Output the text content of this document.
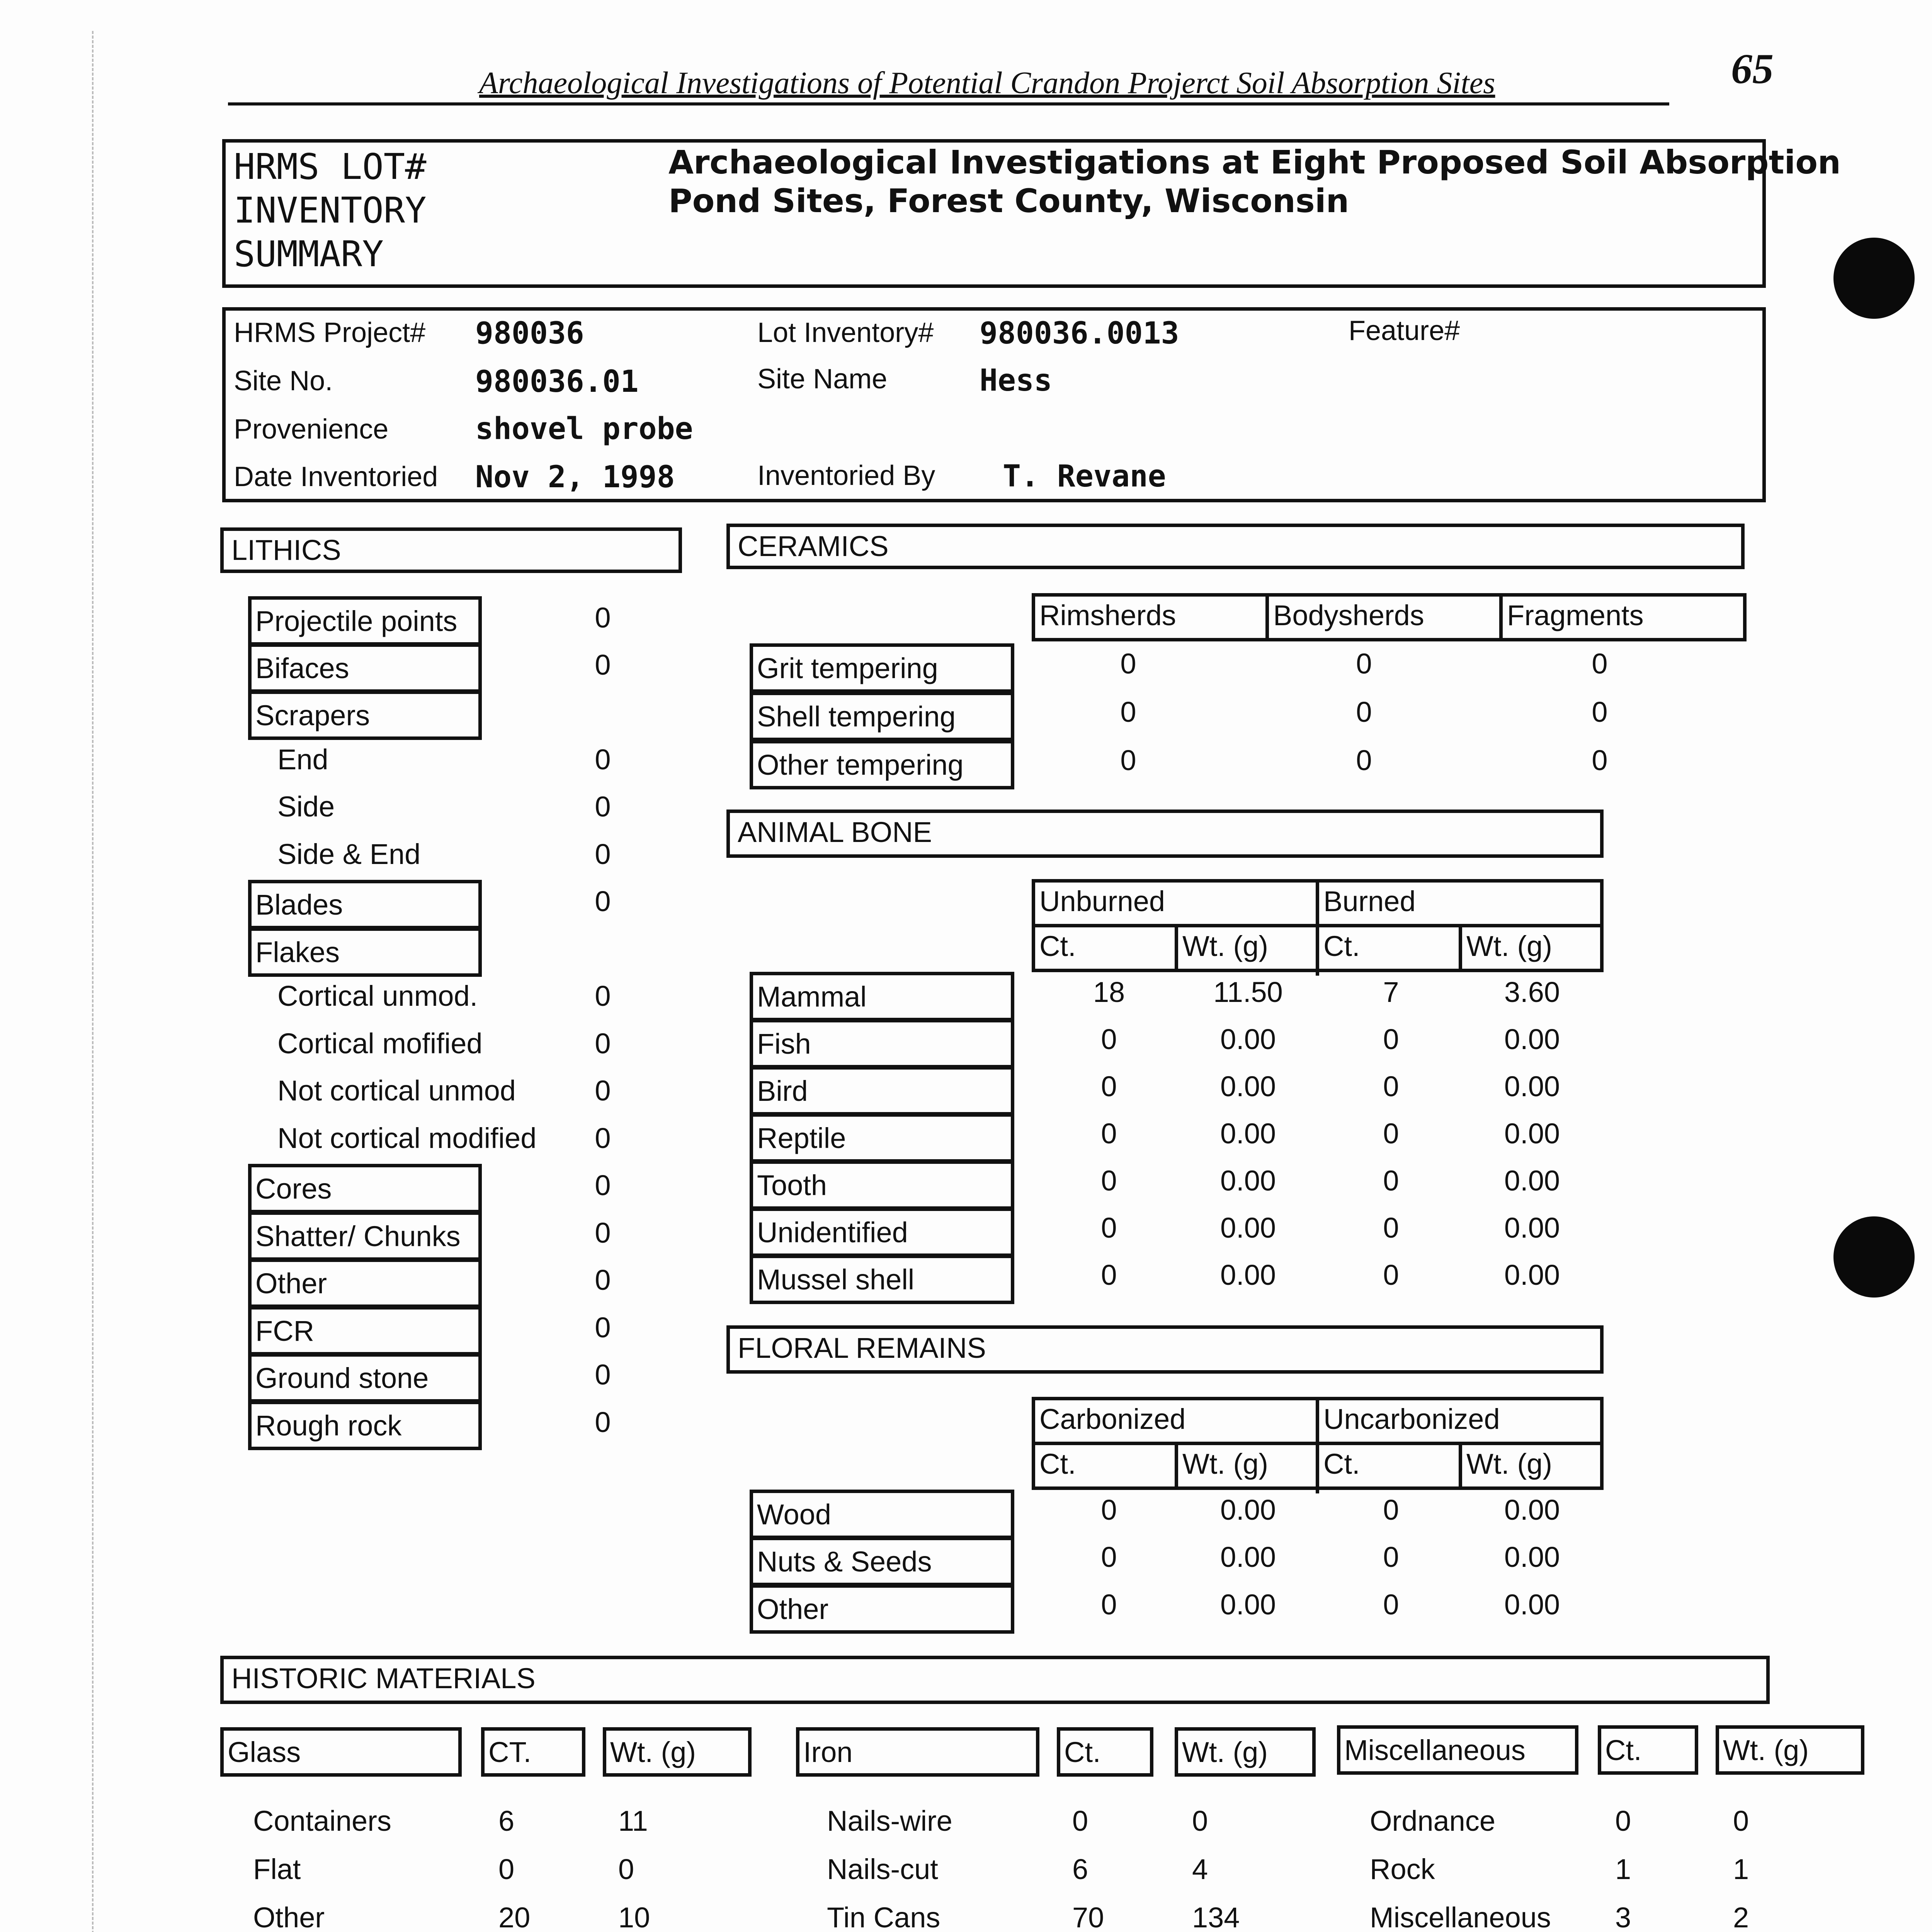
Archaeological Investigations of Potential Crandon Projerct Soil Absorption Sites	65
HRMS LOT#
INVENTORY
SUMMARY
Archaeological Investigations at Eight Proposed Soil Absorption
Pond Sites, Forest County, Wisconsin
HRMS Project# 980036	Lot Inventory# 980036.0013	Feature#
Site No.	980036.01	Site Name	Hess
Provenience	shovel probe
Date Inventoried Nov 2, 1998	Inventoried By T. Revane
LITHICS	CERAMICS
ANIMAL BONE
FLORAL REMAINS
HISTORIC MATERIALS
Projectile points	0
Bifaces	0
Scrapers
End	0
Side	0
Side & End	0
Blades	0
Flakes
Cortical unmod.	0
Cortical mofified	0
Not cortical unmod	0
Not cortical modified	0
Cores	0
Shatter/ Chunks	0
Other	0
FCR	0
Ground stone	0
Rough rock	0
Rimsherds	Bodysherds	Fragments
Grit tempering	0	0	0
Shell tempering	0	0	0
Other tempering	0	0	0
Unburned	Burned
Ct.	Wt. (g) Ct.	Wt. (g)
Mammal	18	11.50	7	3.60
Fish	0	0.00	0	0.00
Bird	0	0.00	0	0.00
Reptile	0	0.00	0	0.00
Tooth	0	0.00	0	0.00
Unidentified	0	0.00	0	0.00
Mussel shell	0	0.00	0	0.00
Carbonized	Uncarbonized
Ct.	Wt. (g) Ct.	Wt. (g)
Wood	0	0.00	0	0.00
Nuts & Seeds	0	0.00	0	0.00
Other	0	0.00	0	0.00
Glass	CT.	Wt. (g)
Containers	6	11
Flat	0	0
Other	20	10
Iron	Ct.	Wt. (g)
Nails-wire	0	0
Nails-cut	6	4
Tin Cans	70	134
Miscellaneous	Ct.	Wt. (g)
Ordnance	0	0
Rock	1	1
Miscellaneous 3	2
